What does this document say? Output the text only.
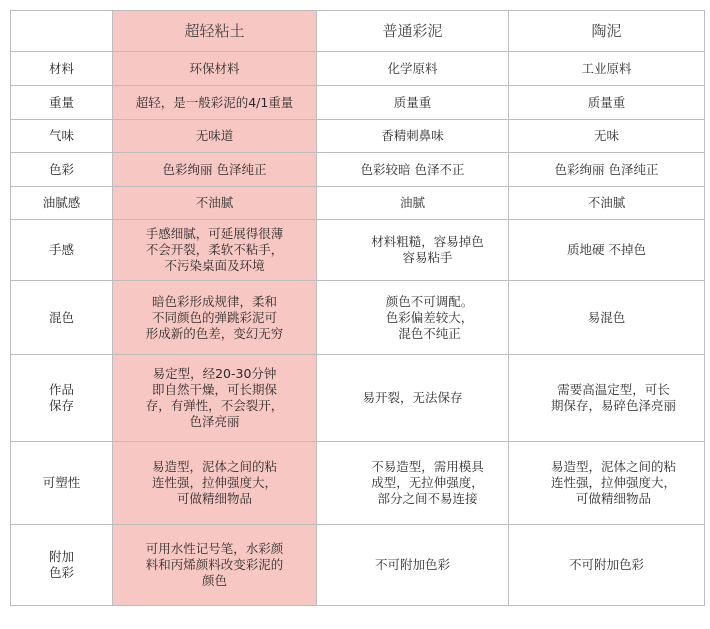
	超轻粘土	普通彩泥	陶泥

材料	环保材料	化学原料	工业原料

重量	超轻，是一般彩泥的4/1重量	质量重	质量重

气味	无味道	香精刺鼻味	无味

色彩	色彩绚丽 色泽纯正	色彩较暗 色泽不正	色彩绚丽 色泽纯正

油腻感	不油腻	油腻	不油腻

手感	手感细腻，可延展得很薄
不会开裂，柔软不粘手，
不污染桌面及环境	材料粗糙，容易掉色
容易粘手	质地硬 不掉色

混色	暗色彩形成规律，柔和
不同颜色的弹跳彩泥可
形成新的色差，变幻无穷	颜色不可调配。
色彩偏差较大，
混色不纯正	易混色

作品
保存	易定型，经20-30分钟
即自然干燥，可长期保
存，有弹性，不会裂开，
色泽亮丽	易开裂，无法保存	需要高温定型，可长
期保存，易碎色泽亮丽

可塑性	易造型，泥体之间的粘
连性强，拉伸强度大，
可做精细物品	不易造型，需用模具
成型，无拉伸强度，
部分之间不易连接	易造型，泥体之间的粘
连性强，拉伸强度大，
可做精细物品

附加
色彩	可用水性记号笔，水彩颜
料和丙烯颜料改变彩泥的
颜色	不可附加色彩	不可附加色彩
